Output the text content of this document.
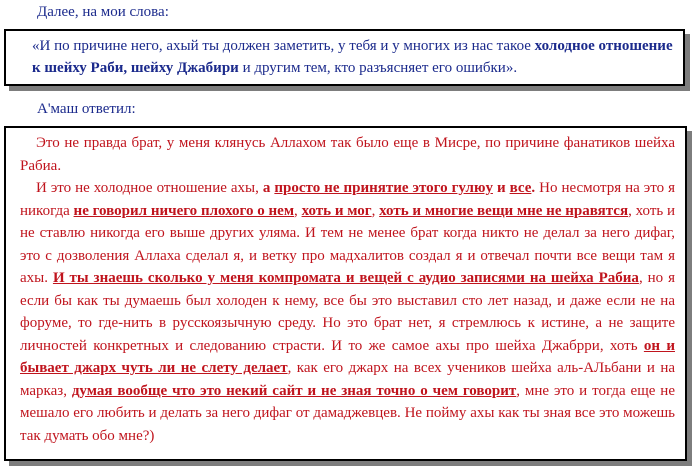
Далее, на мои слова:

«И по причине него, ахый ты должен заметить, у тебя и у многих из нас такое холодное отношение к шейху Раби, шейху Джабири и другим тем, кто разъясняет его ошибки».

А'маш ответил:

Это не правда брат, у меня клянусь Аллахом так было еще в Мисре, по причине фанатиков шейха Рабиа.

И это не холодное отношение ахы, а просто не принятие этого гулюу и все. Но несмотря на это я никогда не говорил ничего плохого о нем, хоть и мог, хоть и многие вещи мне не нравятся, хоть и не ставлю никогда его выше других уляма. И тем не менее брат когда никто не делал за него дифаг, это с дозволения Аллаха сделал я, и ветку про мадхалитов создал я и отвечал почти все вещи там я ахы. И ты знаешь сколько у меня компромата и вещей с аудио записями на шейха Рабиа, но я если бы как ты думаешь был холоден к нему, все бы это выставил сто лет назад, и даже если не на форуме, то где-нить в русскоязычную среду. Но это брат нет, я стремлюсь к истине, а не защите личностей конкретных и следованию страсти. И то же самое ахы про шейха Джабрри, хоть он и бывает джарх чуть ли не слету делает, как его джарх на всех учеников шейха аль-АЛьбани и на марказ, думая вообще что это некий сайт и не зная точно о чем говорит, мне это и тогда еще не мешало его любить и делать за него дифаг от дамаджевцев. Не пойму ахы как ты зная все это можешь так думать обо мне?)
